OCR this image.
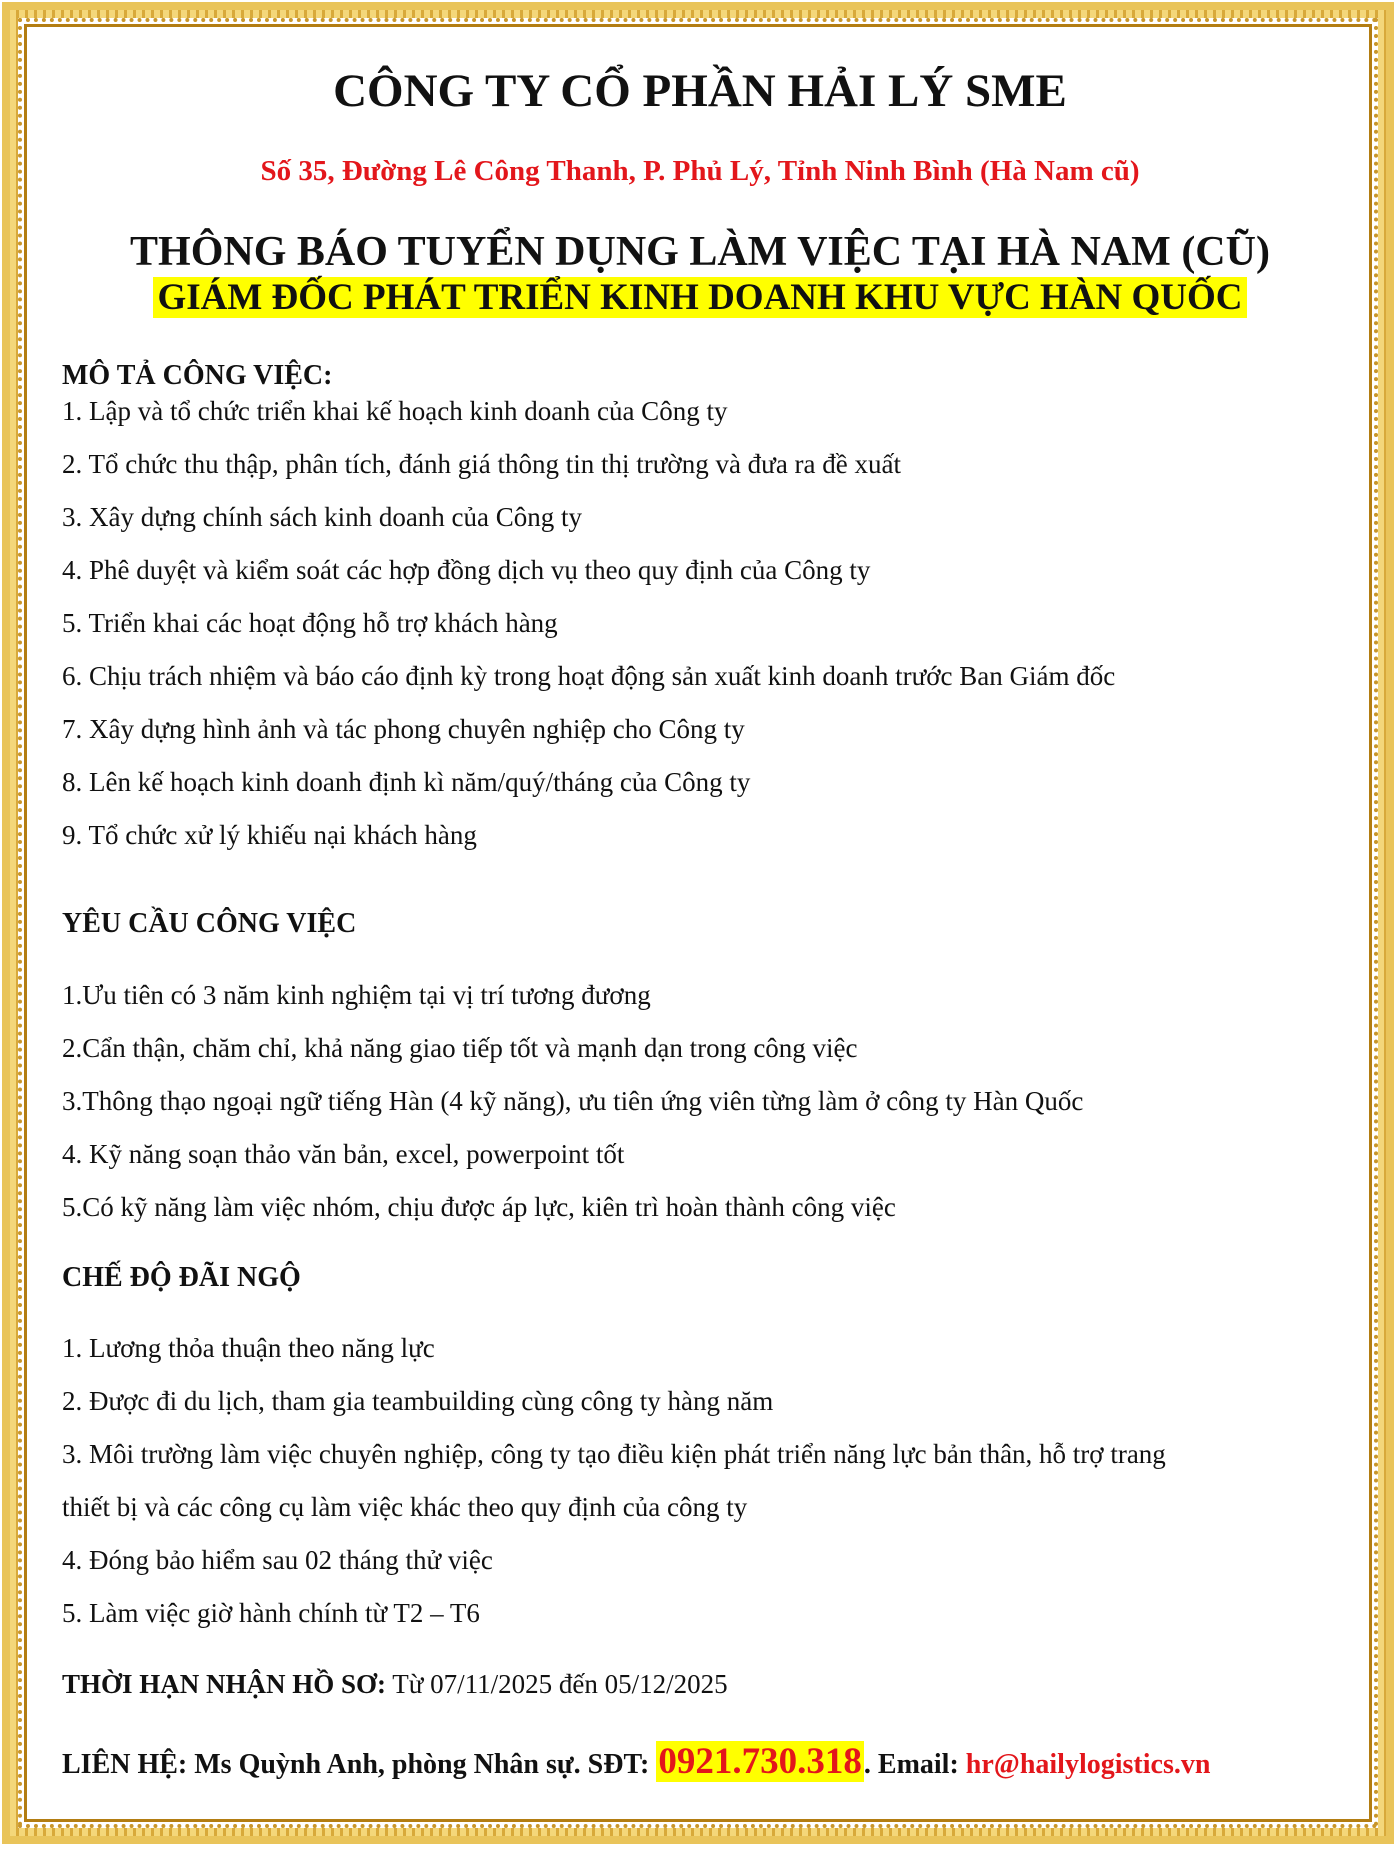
CÔNG TY CỔ PHẦN HẢI LÝ SME
Số 35, Đường Lê Công Thanh, P. Phủ Lý, Tỉnh Ninh Bình (Hà Nam cũ)
THÔNG BÁO TUYỂN DỤNG LÀM VIỆC TẠI HÀ NAM (CŨ)
GIÁM ĐỐC PHÁT TRIỂN KINH DOANH KHU VỰC HÀN QUỐC
MÔ TẢ CÔNG VIỆC:
1. Lập và tổ chức triển khai kế hoạch kinh doanh của Công ty
2. Tổ chức thu thập, phân tích, đánh giá thông tin thị trường và đưa ra đề xuất
3. Xây dựng chính sách kinh doanh của Công ty
4. Phê duyệt và kiểm soát các hợp đồng dịch vụ theo quy định của Công ty
5. Triển khai các hoạt động hỗ trợ khách hàng
6. Chịu trách nhiệm và báo cáo định kỳ trong hoạt động sản xuất kinh doanh trước Ban Giám đốc
7. Xây dựng hình ảnh và tác phong chuyên nghiệp cho Công ty
8. Lên kế hoạch kinh doanh định kì năm/quý/tháng của Công ty
9. Tổ chức xử lý khiếu nại khách hàng
YÊU CẦU CÔNG VIỆC
1.Ưu tiên có 3 năm kinh nghiệm tại vị trí tương đương
2.Cẩn thận, chăm chỉ, khả năng giao tiếp tốt và mạnh dạn trong công việc
3.Thông thạo ngoại ngữ tiếng Hàn (4 kỹ năng), ưu tiên ứng viên từng làm ở công ty Hàn Quốc
4. Kỹ năng soạn thảo văn bản, excel, powerpoint tốt
5.Có kỹ năng làm việc nhóm, chịu được áp lực, kiên trì hoàn thành công việc
CHẾ ĐỘ ĐÃI NGỘ
1. Lương thỏa thuận theo năng lực
2. Được đi du lịch, tham gia teambuilding cùng công ty hàng năm
3. Môi trường làm việc chuyên nghiệp, công ty tạo điều kiện phát triển năng lực bản thân, hỗ trợ trang
thiết bị và các công cụ làm việc khác theo quy định của công ty
4. Đóng bảo hiểm sau 02 tháng thử việc
5. Làm việc giờ hành chính từ T2 – T6
THỜI HẠN NHẬN HỒ SƠ: Từ 07/11/2025 đến 05/12/2025
LIÊN HỆ: Ms Quỳnh Anh, phòng Nhân sự. SĐT: 0921.730.318. Email: hr@hailylogistics.vn
